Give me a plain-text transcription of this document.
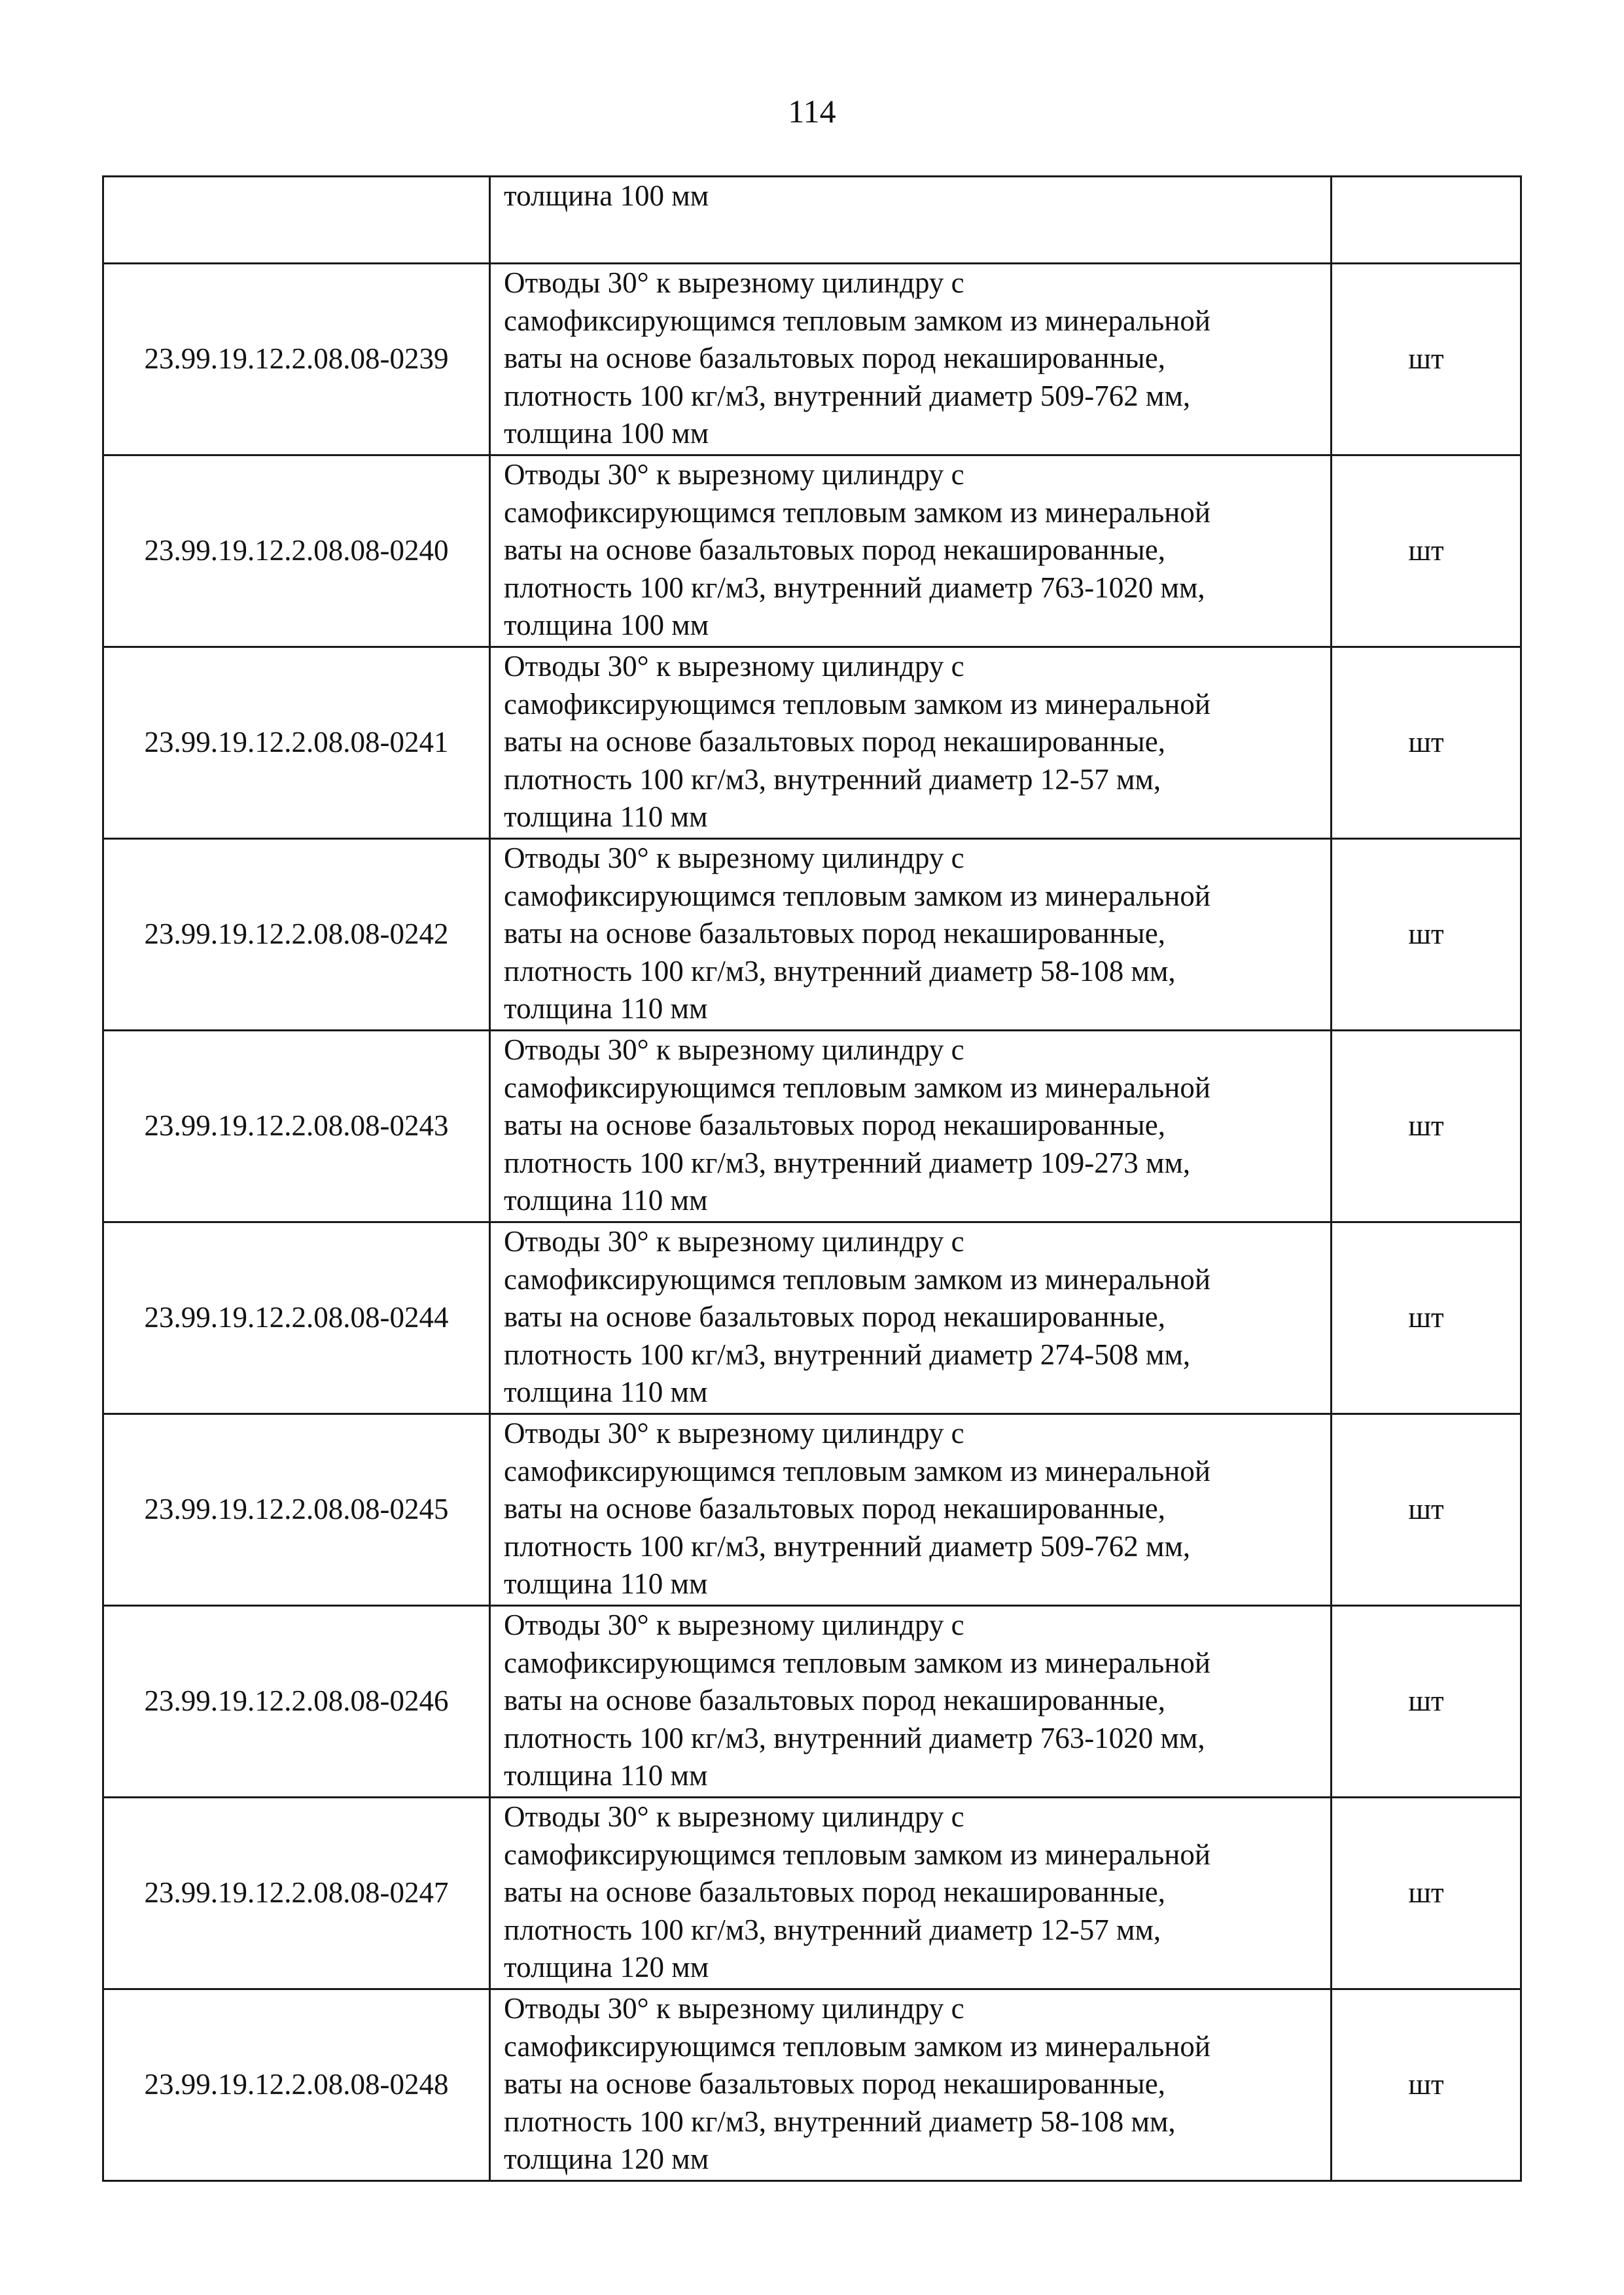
114
	толщина 100 мм	
23.99.19.12.2.08.08-0239	Отводы 30° к вырезному цилиндру с
самофиксирующимся тепловым замком из минеральной
ваты на основе базальтовых пород некашированные,
плотность 100 кг/м3, внутренний диаметр 509-762 мм,
толщина 100 мм	шт
23.99.19.12.2.08.08-0240	Отводы 30° к вырезному цилиндру с
самофиксирующимся тепловым замком из минеральной
ваты на основе базальтовых пород некашированные,
плотность 100 кг/м3, внутренний диаметр 763-1020 мм,
толщина 100 мм	шт
23.99.19.12.2.08.08-0241	Отводы 30° к вырезному цилиндру с
самофиксирующимся тепловым замком из минеральной
ваты на основе базальтовых пород некашированные,
плотность 100 кг/м3, внутренний диаметр 12-57 мм,
толщина 110 мм	шт
23.99.19.12.2.08.08-0242	Отводы 30° к вырезному цилиндру с
самофиксирующимся тепловым замком из минеральной
ваты на основе базальтовых пород некашированные,
плотность 100 кг/м3, внутренний диаметр 58-108 мм,
толщина 110 мм	шт
23.99.19.12.2.08.08-0243	Отводы 30° к вырезному цилиндру с
самофиксирующимся тепловым замком из минеральной
ваты на основе базальтовых пород некашированные,
плотность 100 кг/м3, внутренний диаметр 109-273 мм,
толщина 110 мм	шт
23.99.19.12.2.08.08-0244	Отводы 30° к вырезному цилиндру с
самофиксирующимся тепловым замком из минеральной
ваты на основе базальтовых пород некашированные,
плотность 100 кг/м3, внутренний диаметр 274-508 мм,
толщина 110 мм	шт
23.99.19.12.2.08.08-0245	Отводы 30° к вырезному цилиндру с
самофиксирующимся тепловым замком из минеральной
ваты на основе базальтовых пород некашированные,
плотность 100 кг/м3, внутренний диаметр 509-762 мм,
толщина 110 мм	шт
23.99.19.12.2.08.08-0246	Отводы 30° к вырезному цилиндру с
самофиксирующимся тепловым замком из минеральной
ваты на основе базальтовых пород некашированные,
плотность 100 кг/м3, внутренний диаметр 763-1020 мм,
толщина 110 мм	шт
23.99.19.12.2.08.08-0247	Отводы 30° к вырезному цилиндру с
самофиксирующимся тепловым замком из минеральной
ваты на основе базальтовых пород некашированные,
плотность 100 кг/м3, внутренний диаметр 12-57 мм,
толщина 120 мм	шт
23.99.19.12.2.08.08-0248	Отводы 30° к вырезному цилиндру с
самофиксирующимся тепловым замком из минеральной
ваты на основе базальтовых пород некашированные,
плотность 100 кг/м3, внутренний диаметр 58-108 мм,
толщина 120 мм	шт
